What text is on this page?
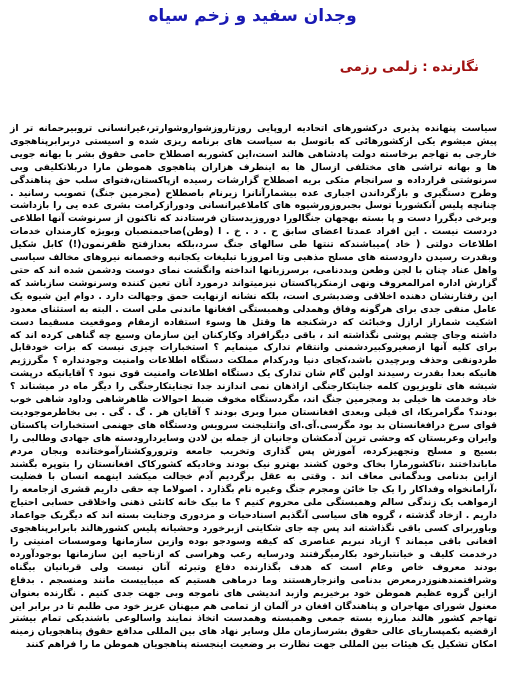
وجدان سفید و زخم سیاه
نگارنده : زلمی رزمی

سیاست پنهانده پذیری درکشورهای اتحادیه اروپایی روزتاروزشواروشوارتر،غیرانسانی تروبیرحمانه تر از پیش میشوم یکی ازکشورهائی که باتوسل به سیاست های برنامه ریزی شده و اسیستی دربرابرپناهجوی خارجی به تهاجم برخاسته دولت پادشاهی هالند است،این کشوربه اصطلاح حامی حقوق بشر با بهانه جویی ها و بهانه تراشی های مختلفی ازسال ها به اینطرف هزاران پناهجوی هموطن مارا دربلاتکلیفی وبی سرنوشتی قرارداده و سرانجام متکی بریه اصطلاح گزارشات رسیده ازپاکستان،فتوای سلب حق پناهندگی وطرح دستگیری و بازگرداندن اجباری عده بیشمارآنانرا زیرنام باصطلاح (مجرمین جنگ) تصویب رسانید . چنانچه پلیس آنکشوربا توسل بجبروزورشیوه های کاملاغیرانسانی ودورازکرامت بشری عده یی را بازداشت وبرخی دیگررا دست و پا بسته بهجهان جنگالورا دوروزیدستان فرستادند که تاکنون از سرنوشت آنها اطلاعی دردست نیست . این افراد عمدتا اعضای سابق ح . د . خ . ا (وطن)صاحبمنصبان وبویژه کارمندان خدمات اطلاعات دولتی ( خاد )میباشندکه تنتها طی سالهای جنگ سرد،بلکه بعدازفتح ظفرنمون(!) کابل شکیل وبقدرت رسیدن دارودسته های مسلح مذهبی وتا امروزبا تبلیغات یکجانبه وخصمانه نیروهای مخالف سیاسی واهل عناد چنان با لجن وطعن وبددنامی، برسرزبانها انداخته وانگشت نمای دوست ودشمن شده اند که حتی گزارش اداره امرالمعروف ونهی ازمنکرپاکستان نیزمیتواند درمورد آنان تعین کننده وسرنوشت سازباشد که این رفتارنشان دهنده اخلاقی وضدبشری است، بلکه نشانه ازنهایت حمق وجهالت دارد . دوام این شیوه یک عامل منفی جدی برای هرگونه وفاق وهمدلی وهمبستگی افغانها ماندنی ملی است . البته به استثنای معدود اشکیت شماراز ارازل وخبائث که درشکنجه ها وقتل ها وسوء استفاده ازمقام وموقعیت مسقیما دست داشته وجای چشم پوشی نگذاشته اند ، باقی دیگرافراد وکارکنان این سازمان وسیع چه گناهی کرده اند که برای کلیه آنها ازصغیروکبیردشمنی وانتقام تدارک مینمایم ؟ استخبارات چیزی نیست که بزات خودقابل طردونفی وحذف وبرچیدن باشد،کجای دنیا ودرکدام مملکت دستگاه اطلاعات وامنیت وجودنداره ؟ مگرزژیم هانیکه بعدا بقدرت رسیدند اولین گام شان تدارک یک دستگاه اطلاعات وامنیت قوی نبود ؟ آقایانیکه درپشت شیشه های تلویزیون کلمه جنایتکارجنگی ازاذهان نمی اندازند جدا تجنایتکارجنگی را دیگر ماه در میشناند ؟ خاد وخدمت ها خیلی بد ومجرمین جنگ اند، مگردستگاه مخوف ضبط احوالات ظاهرشاهی وداود شاهی خوب بودند؟ مگرامریکا، ای فیلی وبعدی افغانستان مبرا وبری بودند ؟ آقایان هر . گ . گی . بی بخاطرموجودیت قوای سرخ درافغانستان بد بود مگرسی.آی.ای وانتلیجنت سرویس ودستگاه های جهنمی استخبارات پاکستان وایران وعربستان که وحشی ترین آدمکشان وجانیان از جمله بن لادن وسایردارودسته های جهادی وطالبی را بسیج و مسلح وتجهیزکرده، آموزش پس گذاری وتخریب جامعه وتروروکشتارآموختانده وبجان مردم مابانداختند ،تاکشورمارا بخاک وخون کشند بهترو نیک بودند وخادیکه کشورکاک افغانستان را بتوپره بگشند ازاین بدنامی وبدگمانی معاف اند . وقتی به عقل برگردیم آدم خجالت میکشد اینهمه انسان با فضلیت ،آرامانخواه وفداکار را یک جا خائن ومجرم جنگ وغیره نام بگذارد . اصولاما چه حقی داریم قشری ازجامعه را ازمواهب یک زندگی سالم وهمبستگی ملی محروم کنیم ؟ ما بیک خانه کانئی ذهنی واخلاقی حسابی احتیاج داریم . ازخاد گذشته ، گروه های سیاسی آنگذیم اسنادحیات و مزدوری وجنایت بسته اند که دیگریک جواعماد وباوربرای کسی باقی نگذاشته اند پس چه جای شکایتی ازبرخورد وحشیانه پلیس کشورهالند بابرابرپناهجوی افغانی باقی میماند ؟ ازیاد نبریم عناصری که کیفه وسودجو بوده وازین سازمانها وموسسات امنیتی را درخدمت کلیف و خیانتبارخود بکارمیگرفتند ودرسایه رعب وهراسی که ازناحیه این سازمانها بوجودآورده بودند معروف خاص وعام است که هدف بگذارنده دفاع وتبرئه آنان نیست ولی قربانیان بیگناه وشرافتمندهنوزدرمعرض بدنامی وانزجارهستند وما درماهی هستیم که میباییست مانند ومنسجم . بدفاع ازاین گروه عظیم هموطن خود برخیزیم وازبد اندیشی های ناموجه وبی جهت جدی کنیم . نگارنده بعنوان معنول شورای مهاجران و پناهندگان افغان در آلمان از تمامی هم میهنان عزیز خود می طلبم تا در برابر این تهاجم کشور هالند مبارزه بسته جمعی وهمبسته وهمدست اتخاذ نمایند واسالوعی باشندیکی تمام بیشتر ازقضیه بکمپساریای عالی حقوق بشرسازمان ملل وسایر نهاد های بین المللی مدافع حقوق پناهجویان زمینه امکان تشکیل یک هیئات بین المللی جهت نظارت بر وضعیت اینجسته پناهجویان هموطن ما را فراهم کنند
